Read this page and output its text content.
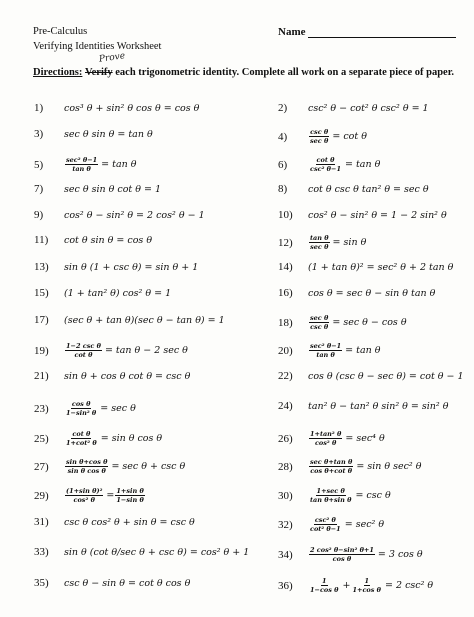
Pre-Calculus
Verifying Identities Worksheet
Name
Prove
Directions: Verify each trigonometric identity. Complete all work on a separate piece of paper.
1)	cos³ θ + sin² θ cos θ = cos θ	2)	csc² θ − cot² θ csc² θ = 1
3)	sec θ sin θ = tan θ	4)	$\frac{\text{csc θ}}{\text{sec θ}} = \cot \theta$
5)	$\frac{\text{sec² θ−1}}{\text{tan θ}} = \tan \theta$	6)	$\frac{\text{cot θ}}{\text{csc² θ−1}} = \tan \theta$
7)	sec θ sin θ cot θ = 1	8)	cot θ csc θ tan² θ = sec θ
9)	cos² θ − sin² θ = 2 cos² θ − 1	10)	cos² θ − sin² θ = 1 − 2 sin² θ
11)	cot θ sin θ = cos θ	12)	$\frac{\text{tan θ}}{\text{sec θ}} = \sin \theta$
13)	sin θ (1 + csc θ) = sin θ + 1	14)	(1 + tan θ)² = sec² θ + 2 tan θ
15)	(1 + tan² θ) cos² θ = 1	16)	cos θ = sec θ − sin θ tan θ
17)	(sec θ + tan θ)(sec θ − tan θ) = 1	18)	$\frac{\text{sec θ}}{\text{csc θ}} = \sec \theta - \cos \theta$
19)	$\frac{\text{1−2 csc θ}}{\text{cot θ}} = \tan \theta - 2$ sec θ	20)	$\frac{\text{sec² θ−1}}{\text{tan θ}} = \tan \theta$
21)	sin θ + cos θ cot θ = csc θ	22)	cos θ (csc θ − sec θ) = cot θ − 1
23)	$\frac{\text{cos θ}}{\text{1−sin² θ}} = \sec \theta$	24)	tan² θ − tan² θ sin² θ = sin² θ
25)	$\frac{\text{cot θ}}{\text{1+cot² θ}} = \sin \theta$ cos θ	26)	$\frac{\text{1+tan² θ}}{\text{cos² θ}} = \sec^4$ θ
27)	$\frac{\text{sin θ+cos θ}}{\text{sin θ cos θ}} = \sec \theta + \csc \theta$	28)	$\frac{\text{sec θ+tan θ}}{\text{cos θ+cot θ}} = \sin \theta$ sec² θ
29)	$\frac{\text{(1+sin θ)²}}{\text{cos² θ}} = \frac{\text{1+sin θ}}{\text{1−sin θ}}$	30)	$\frac{\text{1+sec θ}}{\text{tan θ+sin θ}} = \csc \theta$
31)	csc θ cos² θ + sin θ = csc θ	32)	$\frac{\text{csc² θ}}{\text{cot² θ−1}} = \sec^2$ θ
33)	sin θ (cot θ/sec θ + csc θ) = cos² θ + 1	34)	$\frac{\text{2 cos² θ−sin² θ+1}}{\text{cos θ}} = 3$ cos θ
35)	csc θ − sin θ = cot θ cos θ	36)	$\frac{1}{\text{1−cos θ}} + \frac{1}{\text{1+cos θ}} = 2$ csc² θ
